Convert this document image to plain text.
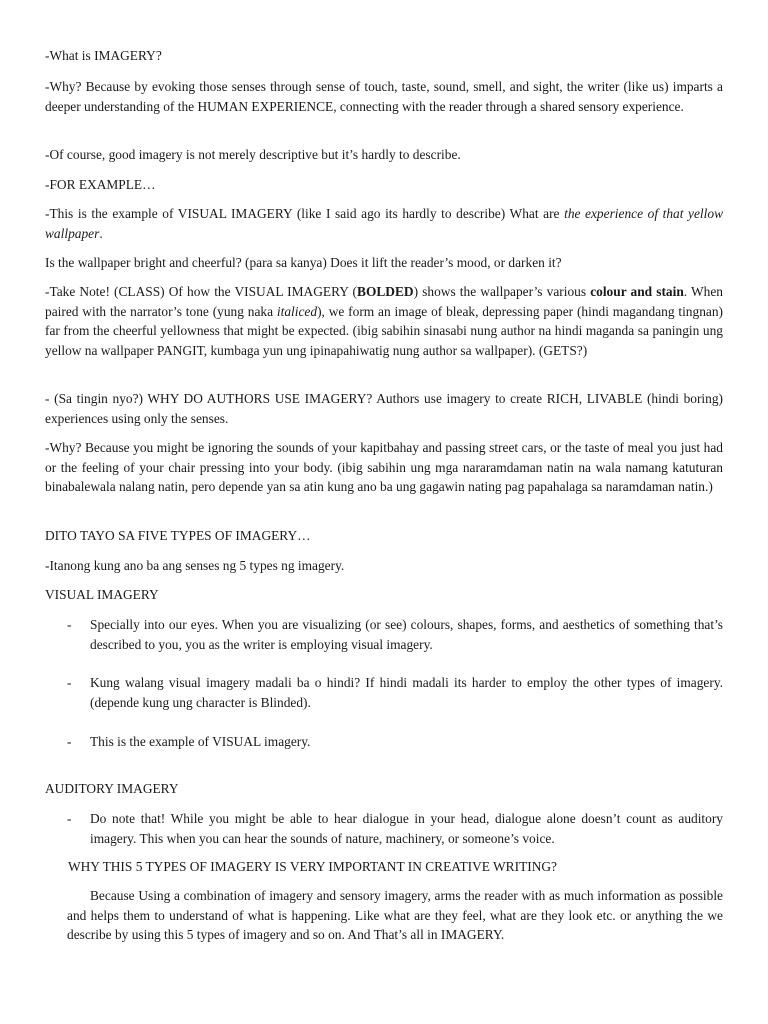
-What is IMAGERY?

-Why? Because by evoking those senses through sense of touch, taste, sound, smell, and sight, the writer (like us) imparts a deeper understanding of the HUMAN EXPERIENCE, connecting with the reader through a shared sensory experience.

-Of course, good imagery is not merely descriptive but it’s hardly to describe.

-FOR EXAMPLE…

-This is the example of VISUAL IMAGERY (like I said ago its hardly to describe) What are the experience of that yellow wallpaper.

Is the wallpaper bright and cheerful? (para sa kanya) Does it lift the reader’s mood, or darken it?

-Take Note! (CLASS) Of how the VISUAL IMAGERY (BOLDED) shows the wallpaper’s various colour and stain. When paired with the narrator’s tone (yung naka italiced), we form an image of bleak, depressing paper (hindi magandang tingnan) far from the cheerful yellowness that might be expected. (ibig sabihin sinasabi nung author na hindi maganda sa paningin ung yellow na wallpaper PANGIT, kumbaga yun ung ipinapahiwatig nung author sa wallpaper). (GETS?)

- (Sa tingin nyo?) WHY DO AUTHORS USE IMAGERY? Authors use imagery to create RICH, LIVABLE (hindi boring) experiences using only the senses.

-Why? Because you might be ignoring the sounds of your kapitbahay and passing street cars, or the taste of meal you just had or the feeling of your chair pressing into your body. (ibig sabihin ung mga nararamdaman natin na wala namang katuturan binabalewala nalang natin, pero depende yan sa atin kung ano ba ung gagawin nating pag papahalaga sa naramdaman natin.)

DITO TAYO SA FIVE TYPES OF IMAGERY…

-Itanong kung ano ba ang senses ng 5 types ng imagery.

VISUAL IMAGERY

- Specially into our eyes. When you are visualizing (or see) colours, shapes, forms, and aesthetics of something that’s described to you, you as the writer is employing visual imagery.
- Kung walang visual imagery madali ba o hindi? If hindi madali its harder to employ the other types of imagery. (depende kung ung character is Blinded).
- This is the example of VISUAL imagery.

AUDITORY IMAGERY

- Do note that! While you might be able to hear dialogue in your head, dialogue alone doesn’t count as auditory imagery. This when you can hear the sounds of nature, machinery, or someone’s voice.

WHY THIS 5 TYPES OF IMAGERY IS VERY IMPORTANT IN CREATIVE WRITING?

Because Using a combination of imagery and sensory imagery, arms the reader with as much information as possible and helps them to understand of what is happening. Like what are they feel, what are they look etc. or anything the we describe by using this 5 types of imagery and so on. And That’s all in IMAGERY.
